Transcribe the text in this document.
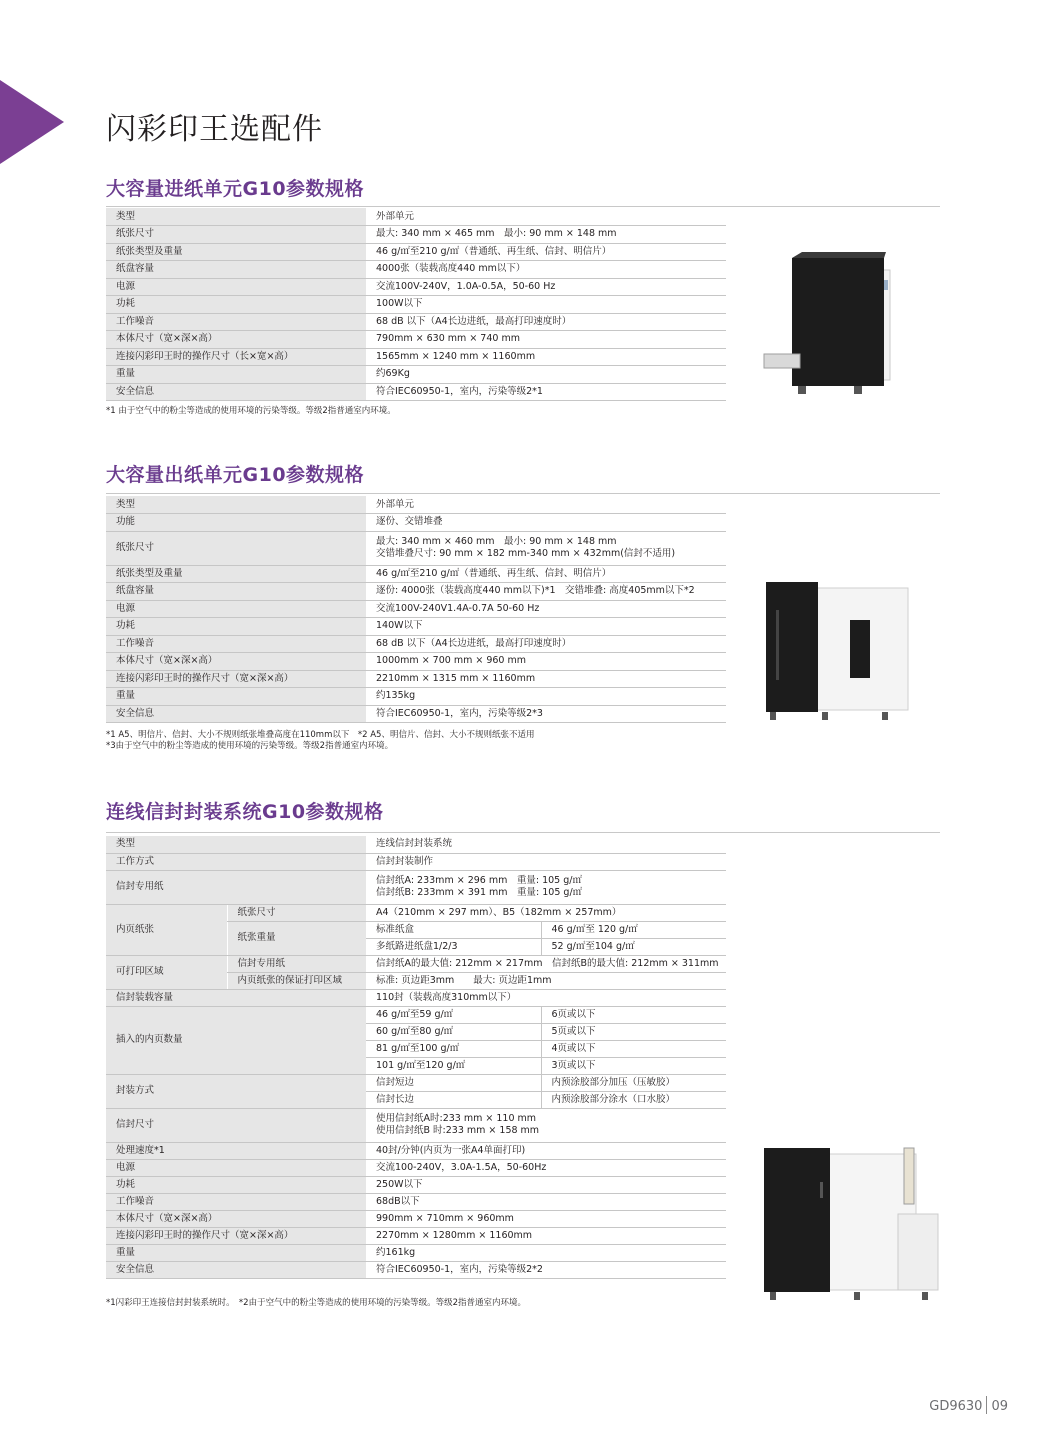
闪彩印王选配件
大容量进纸单元G10参数规格
类型	外部单元
纸张尺寸	最大: 340 mm × 465 mm　最小: 90 mm × 148 mm
纸张类型及重量	46 g/㎡至210 g/㎡（普通纸、再生纸、信封、明信片）
纸盘容量	4000张（装载高度440 mm以下）
电源	交流100V-240V，1.0A-0.5A，50-60 Hz
功耗	100W以下
工作噪音	68 dB 以下（A4长边进纸，最高打印速度时）
本体尺寸（宽×深×高）	790mm × 630 mm × 740 mm
连接闪彩印王时的操作尺寸（长×宽×高）	1565mm × 1240 mm × 1160mm
重量	约69Kg
安全信息	符合IEC60950-1，室内，污染等级2*1
*1 由于空气中的粉尘等造成的使用环境的污染等级。等级2指普通室内环境。
大容量出纸单元G10参数规格
类型	外部单元
功能	逐份、交错堆叠
纸张尺寸	最大: 340 mm × 460 mm　最小: 90 mm × 148 mm
交错堆叠尺寸: 90 mm × 182 mm-340 mm × 432mm(信封不适用)

纸张类型及重量	46 g/㎡至210 g/㎡（普通纸、再生纸、信封、明信片）
纸盘容量	逐份: 4000张（装载高度440 mm以下)*1　交错堆叠: 高度405mm以下*2
电源	交流100V-240V1.4A-0.7A 50-60 Hz
功耗	140W以下
工作噪音	68 dB 以下（A4长边进纸，最高打印速度时）
本体尺寸（宽×深×高）	1000mm × 700 mm × 960 mm
连接闪彩印王时的操作尺寸（宽×深×高）	2210mm × 1315 mm × 1160mm
重量	约135kg
安全信息	符合IEC60950-1，室内，污染等级2*3
*1 A5、明信片、信封、大小不规则纸张堆叠高度在110mm以下　*2 A5、明信片、信封、大小不规则纸张不适用
*3由于空气中的粉尘等造成的使用环境的污染等级。等级2指普通室内环境。
连线信封封装系统G10参数规格
类型		连线信封封装系统	
工作方式		信封封装制作	
信封专用纸		信封纸A: 233mm × 296 mm　重量: 105 g/㎡
信封纸B: 233mm × 391 mm　重量: 105 g/㎡	

内页纸张	纸张尺寸	A4（210mm × 297 mm）、B5（182mm × 257mm）	
	纸张重量	标准纸盒	46 g/㎡至 120 g/㎡
		多纸路进纸盘1/2/3	52 g/㎡至104 g/㎡
可打印区域	信封专用纸	信封纸A的最大值: 212mm × 217mm　信封纸B的最大值: 212mm × 311mm	
	内页纸张的保证打印区域	标准: 页边距3mm　　最大: 页边距1mm	
信封装载容量		110封（装载高度310mm以下）	
插入的内页数量		46 g/㎡至59 g/㎡	6页或以下
		60 g/㎡至80 g/㎡	5页或以下
		81 g/㎡至100 g/㎡	4页或以下
		101 g/㎡至120 g/㎡	3页或以下
封装方式		信封短边	内预涂胶部分加压（压敏胶）
		信封长边	内预涂胶部分涂水（口水胶）
信封尺寸		使用信封纸A时:233 mm × 110 mm
使用信封纸B 时:233 mm × 158 mm	

处理速度*1		40封/分钟(内页为一张A4单面打印)	
电源		交流100-240V，3.0A-1.5A，50-60Hz	
功耗		250W以下	
工作噪音		68dB以下	
本体尺寸（宽×深×高）		990mm × 710mm × 960mm	
连接闪彩印王时的操作尺寸（宽×深×高）		2270mm × 1280mm × 1160mm	
重量		约161kg	
安全信息		符合IEC60950-1，室内，污染等级2*2	
*1闪彩印王连接信封封装系统时。　*2由于空气中的粉尘等造成的使用环境的污染等级。等级2指普通室内环境。
GD9630 09
